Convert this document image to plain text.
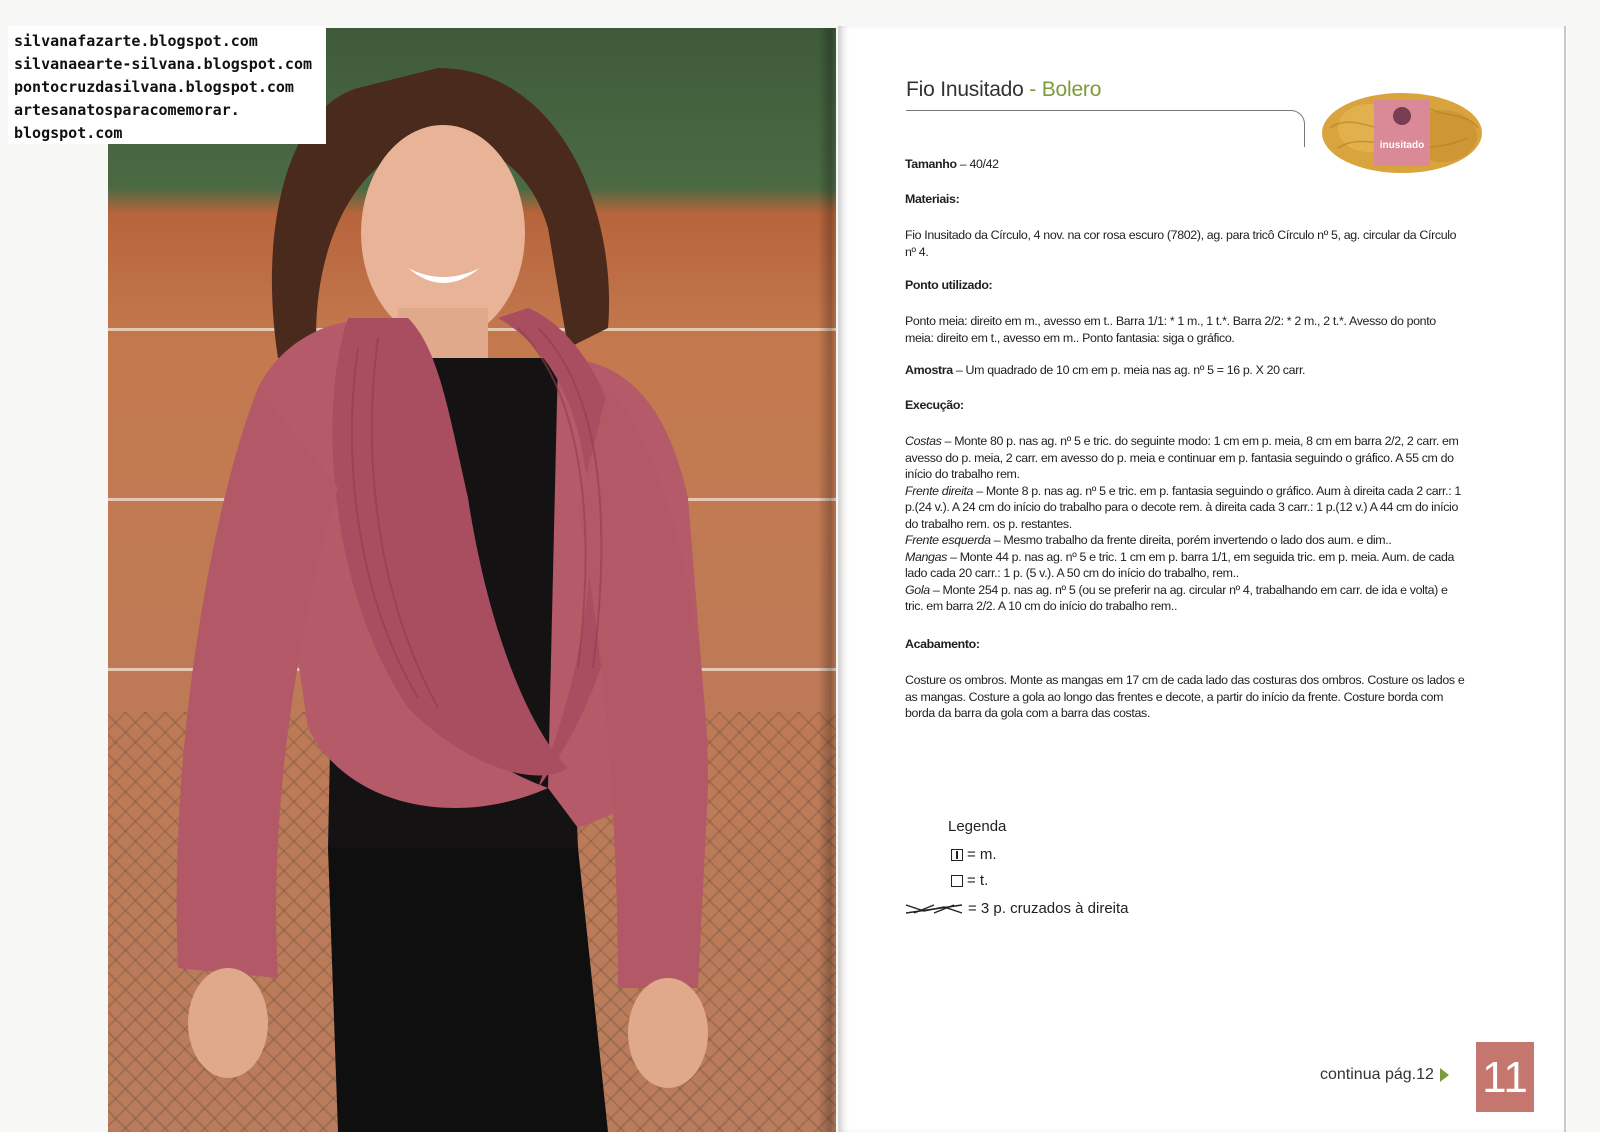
silvanafazarte.blogspot.com
silvanaearte-silvana.blogspot.com
pontocruzdasilvana.blogspot.com
artesanatosparacomemorar.
blogspot.com
Fio Inusitado - Bolero
inusitado
Tamanho – 40/42
Materiais:
Fio Inusitado da Círculo, 4 nov. na cor rosa escuro (7802), ag. para tricô Círculo nº 5, ag. circular da Círculo nº 4.
Ponto utilizado:
Ponto meia: direito em m., avesso em t.. Barra 1/1: * 1 m., 1 t.*. Barra 2/2: * 2 m., 2 t.*. Avesso do ponto meia: direito em t., avesso em m.. Ponto fantasia: siga o gráfico.
Amostra – Um quadrado de 10 cm em p. meia nas ag. nº 5 = 16 p. X 20 carr.
Execução:
Costas – Monte 80 p. nas ag. nº 5 e tric. do seguinte modo: 1 cm em p. meia, 8 cm em barra 2/2, 2 carr. em avesso do p. meia, 2 carr. em avesso do p. meia e continuar em p. fantasia seguindo o gráfico. A 55 cm do início do trabalho rem.
Frente direita – Monte 8 p. nas ag. nº 5 e tric. em p. fantasia seguindo o gráfico. Aum à direita cada 2 carr.: 1 p.(24 v.). A 24 cm do início do trabalho para o decote rem. à direita cada 3 carr.: 1 p.(12 v.) A 44 cm do início do trabalho rem. os p. restantes.
Frente esquerda – Mesmo trabalho da frente direita, porém invertendo o lado dos aum. e dim..
Mangas – Monte 44 p. nas ag. nº 5 e tric. 1 cm em p. barra 1/1, em seguida tric. em p. meia. Aum. de cada lado cada 20 carr.: 1 p. (5 v.). A 50 cm do início do trabalho, rem..
Gola – Monte 254 p. nas ag. nº 5 (ou se preferir na ag. circular nº 4, trabalhando em carr. de ida e volta) e tric. em barra 2/2. A 10 cm do início do trabalho rem..
Acabamento:
Costure os ombros. Monte as mangas em 17 cm de cada lado das costuras dos ombros. Costure os lados e as mangas. Costure a gola ao longo das frentes e decote, a partir do início da frente. Costure borda com borda da barra da gola com a barra das costas.
Legenda
= m.
= t.
= 3 p. cruzados à direita
continua pág.12 11
